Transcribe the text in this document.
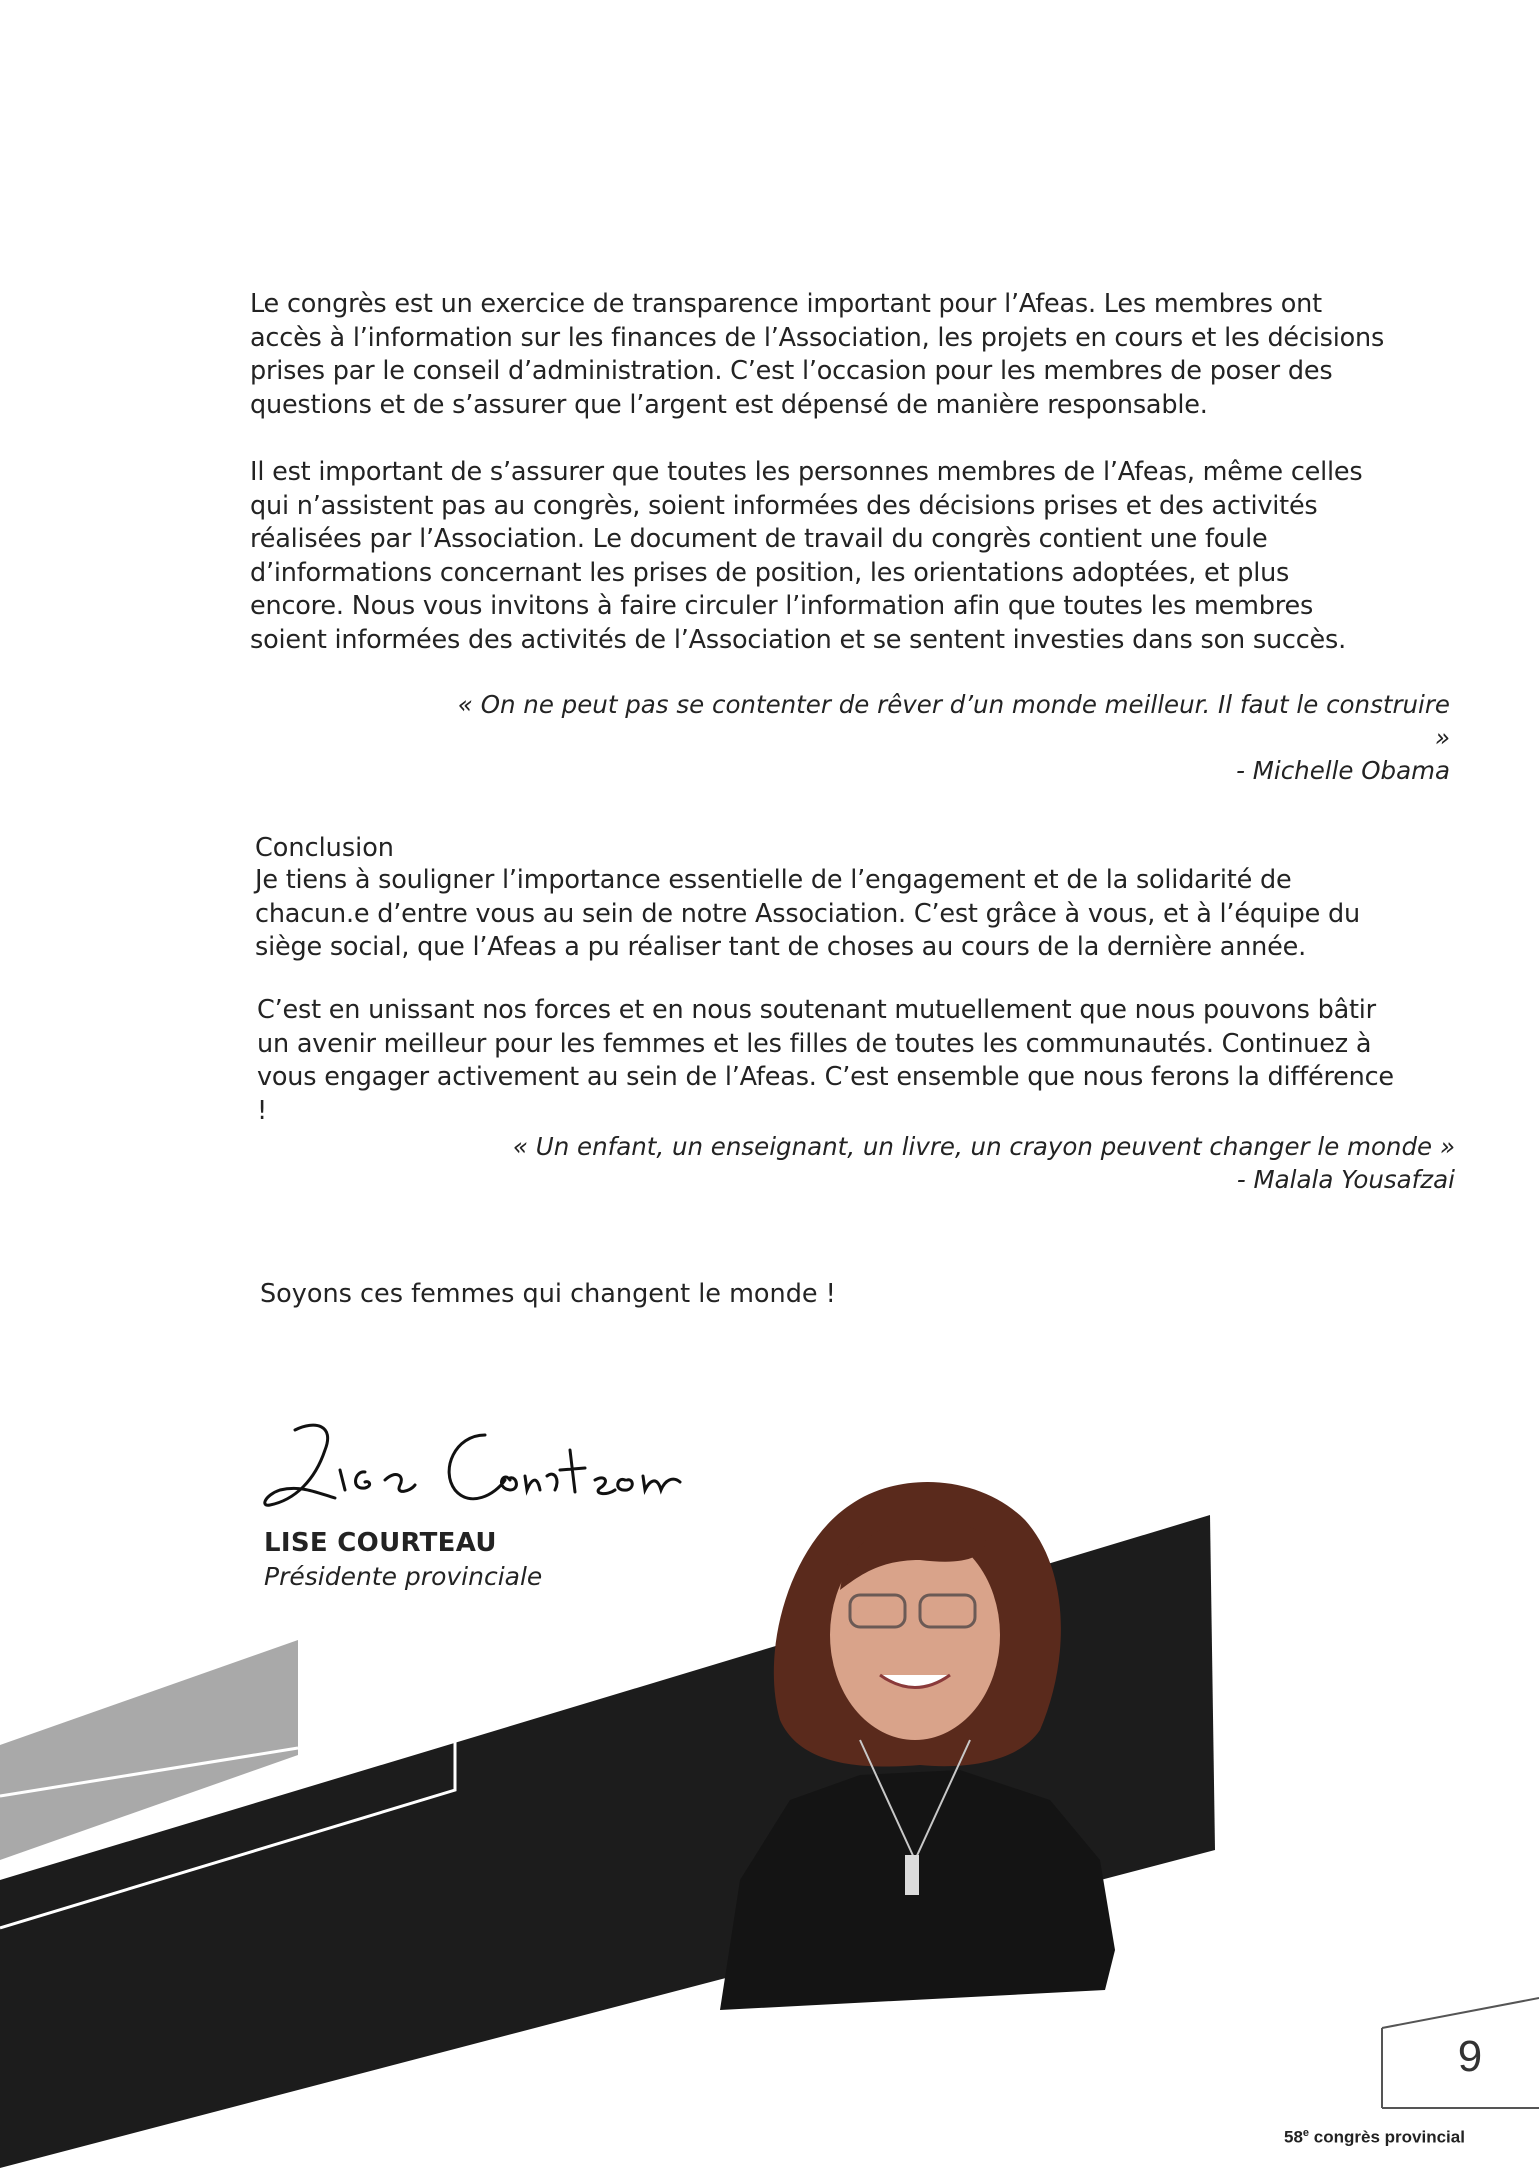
Le congrès est un exercice de transparence important pour l’Afeas. Les membres ont accès à l’information sur les finances de l’Association, les projets en cours et les décisions prises par le conseil d’administration. C’est l’occasion pour les membres de poser des questions et de s’assurer que l’argent est dépensé de manière responsable.

Il est important de s’assurer que toutes les personnes membres de l’Afeas, même celles qui n’assistent pas au congrès, soient informées des décisions prises et des activités réalisées par l’Association. Le document de travail du congrès contient une foule d’informations concernant les prises de position, les orientations adoptées, et plus encore. Nous vous invitons à faire circuler l’information afin que toutes les membres soient informées des activités de l’Association et se sentent investies dans son succès.

« On ne peut pas se contenter de rêver d’un monde meilleur. Il faut le construire »
- Michelle Obama
Conclusion

Je tiens à souligner l’importance essentielle de l’engagement et de la solidarité de chacun.e d’entre vous au sein de notre Association. C’est grâce à vous, et à l’équipe du siège social, que l’Afeas a pu réaliser tant de choses au cours de la dernière année.

C’est en unissant nos forces et en nous soutenant mutuellement que nous pouvons bâtir un avenir meilleur pour les femmes et les filles de toutes les communautés. Continuez à vous engager activement au sein de l’Afeas. C’est ensemble que nous ferons la différence !

« Un enfant, un enseignant, un livre, un crayon peuvent changer le monde »
- Malala Yousafzai
Soyons ces femmes qui changent le monde !
LISE COURTEAU
Présidente provinciale
9
58e congrès provincial
